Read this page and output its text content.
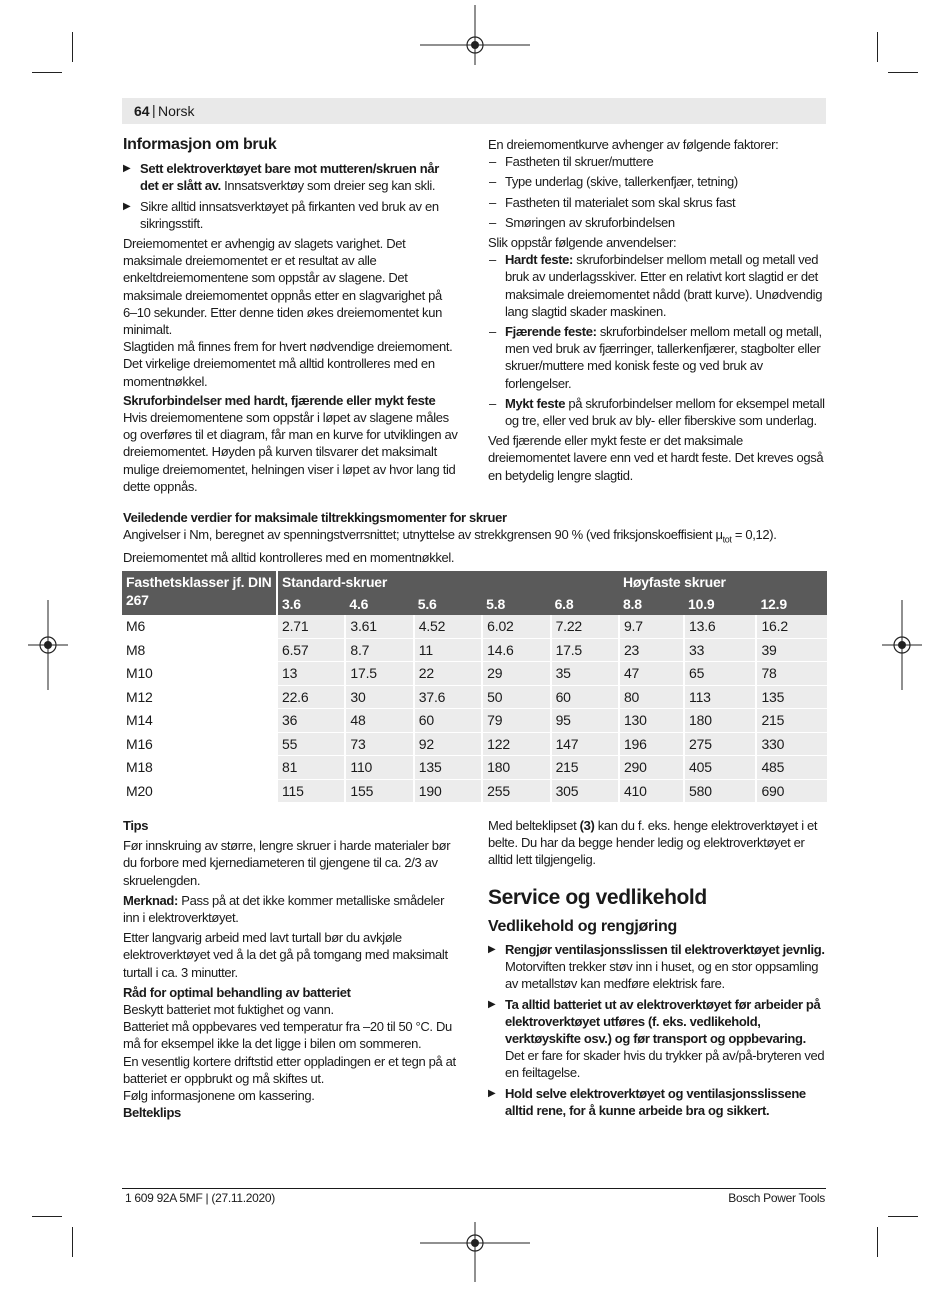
64 | Norsk
Informasjon om bruk
▶ Sett elektroverktøyet bare mot mutteren/skruen når det er slått av. Innsatsverktøy som dreier seg kan skli.
▶ Sikre alltid innsatsverktøyet på firkanten ved bruk av en sikringsstift.

Dreiemomentet er avhengig av slagets varighet. Det maksimale dreiemomentet er et resultat av alle enkeltdreiemomentene som oppstår av slagene. Det maksimale dreiemomentet oppnås etter en slagvarighet på 6–10 sekunder. Etter denne tiden økes dreiemomentet kun minimalt.

Slagtiden må finnes frem for hvert nødvendige dreiemoment. Det virkelige dreiemomentet må alltid kontrolleres med en momentnøkkel.

Skruforbindelser med hardt, fjærende eller mykt feste

Hvis dreiemomentene som oppstår i løpet av slagene måles og overføres til et diagram, får man en kurve for utviklingen av dreiemomentet. Høyden på kurven tilsvarer det maksimalt mulige dreiemomentet, helningen viser i løpet av hvor lang tid dette oppnås.

En dreiemomentkurve avhenger av følgende faktorer:

– Fastheten til skruer/muttere
– Type underlag (skive, tallerkenfjær, tetning)
– Fastheten til materialet som skal skrus fast
– Smøringen av skruforbindelsen

Slik oppstår følgende anvendelser:

– Hardt feste: skruforbindelser mellom metall og metall ved bruk av underlagsskiver. Etter en relativt kort slagtid er det maksimale dreiemomentet nådd (bratt kurve). Unødvendig lang slagtid skader maskinen.
– Fjærende feste: skruforbindelser mellom metall og metall, men ved bruk av fjærringer, tallerkenfjærer, stagbolter eller skruer/muttere med konisk feste og ved bruk av forlengelser.
– Mykt feste på skruforbindelser mellom for eksempel metall og tre, eller ved bruk av bly- eller fiberskive som underlag.

Ved fjærende eller mykt feste er det maksimale dreiemomentet lavere enn ved et hardt feste. Det kreves også en betydelig lengre slagtid.

Veiledende verdier for maksimale tiltrekkingsmomenter for skruer

Angivelser i Nm, beregnet av spenningstverrsnittet; utnyttelse av strekkgrensen 90 % (ved friksjonskoeffisient $\mu_{tot} = 0,12$).

Dreiemomentet må alltid kontrolleres med en momentnøkkel.

Fasthetsklasser jf. DIN 267	Standard-skruer					Høyfaste skruer		
	3.6	4.6	5.6	5.8	6.8	8.8	10.9	12.9
M6	2.71	3.61	4.52	6.02	7.22	9.7	13.6	16.2
M8	6.57	8.7	11	14.6	17.5	23	33	39
M10	13	17.5	22	29	35	47	65	78
M12	22.6	30	37.6	50	60	80	113	135
M14	36	48	60	79	95	130	180	215
M16	55	73	92	122	147	196	275	330
M18	81	110	135	180	215	290	405	485
M20	115	155	190	255	305	410	580	690

Tips

Før innskruing av større, lengre skruer i harde materialer bør du forbore med kjernediameteren til gjengene til ca. 2/3 av skruelengden.

Merknad: Pass på at det ikke kommer metalliske smådeler inn i elektroverktøyet.

Etter langvarig arbeid med lavt turtall bør du avkjøle elektroverktøyet ved å la det gå på tomgang med maksimalt turtall i ca. 3 minutter.

Råd for optimal behandling av batteriet

Beskytt batteriet mot fuktighet og vann.

Batteriet må oppbevares ved temperatur fra –20 til 50 °C. Du må for eksempel ikke la det ligge i bilen om sommeren.

En vesentlig kortere driftstid etter oppladingen er et tegn på at batteriet er oppbrukt og må skiftes ut.

Følg informasjonene om kassering.

Belteklips

Med belteklipset (3) kan du f. eks. henge elektroverktøyet i et belte. Du har da begge hender ledig og elektroverktøyet er alltid lett tilgjengelig.

Service og vedlikehold
Vedlikehold og rengjøring
▶ Rengjør ventilasjonsslissen til elektroverktøyet jevnlig. Motorviften trekker støv inn i huset, og en stor oppsamling av metallstøv kan medføre elektrisk fare.
▶ Ta alltid batteriet ut av elektroverktøyet før arbeider på elektroverktøyet utføres (f. eks. vedlikehold, verktøyskifte osv.) og før transport og oppbevaring. Det er fare for skader hvis du trykker på av/på-bryteren ved en feiltagelse.
▶ Hold selve elektroverktøyet og ventilasjonsslissene alltid rene, for å kunne arbeide bra og sikkert.
1 609 92A 5MF | (27.11.2020)	Bosch Power Tools
